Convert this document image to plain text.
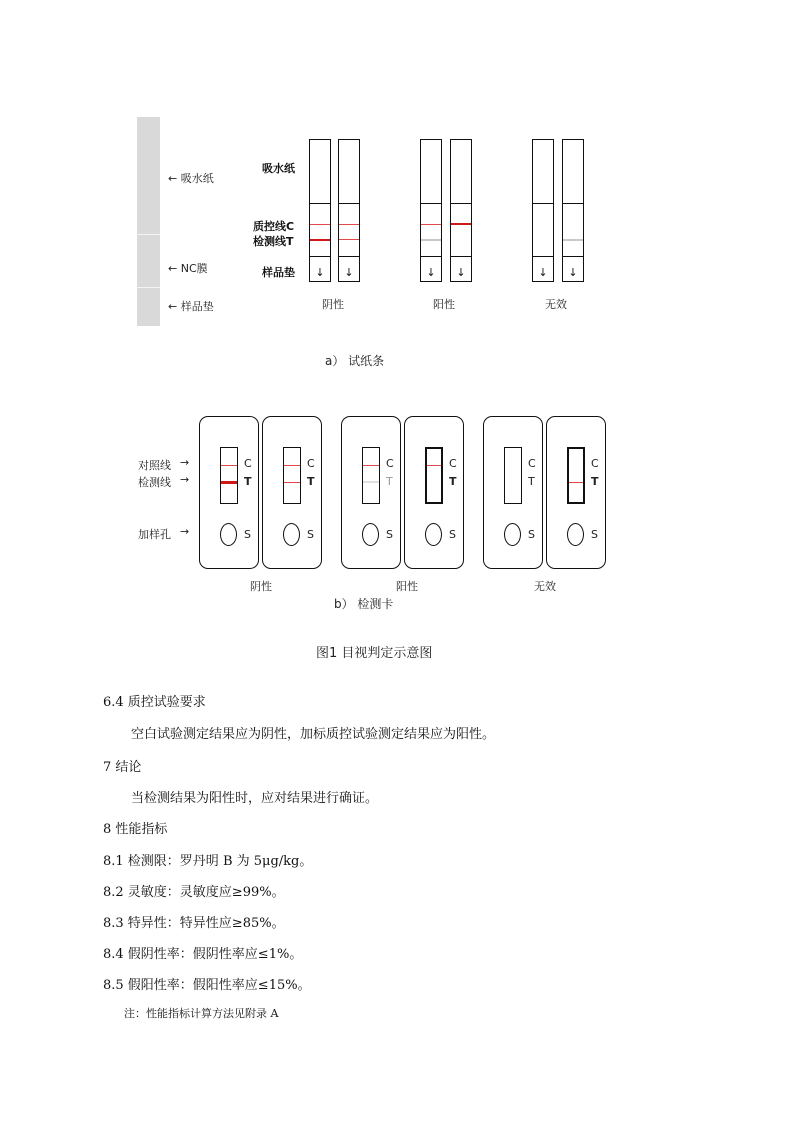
← 吸水纸
← NC膜
← 样品垫
吸水纸
质控线C
检测线T
样品垫	↓	↓	↓	↓	↓	↓
阴性	阳性	无效
a） 试纸条
对照线
检测线
加样孔
→
→
→
C
T
S
C
T
S
C
T
S
C
T
S
C
T
S
C
T
S
阴性	阳性	无效
b） 检测卡
图1 目视判定示意图
6.4 质控试验要求
空白试验测定结果应为阴性，加标质控试验测定结果应为阳性。
7 结论
当检测结果为阳性时，应对结果进行确证。
8 性能指标
8.1 检测限：罗丹明 B 为 5μg/kg。
8.2 灵敏度：灵敏度应≥99%。
8.3 特异性：特异性应≥85%。
8.4 假阴性率：假阴性率应≤1%。
8.5 假阳性率：假阳性率应≤15%。
注：性能指标计算方法见附录 A
